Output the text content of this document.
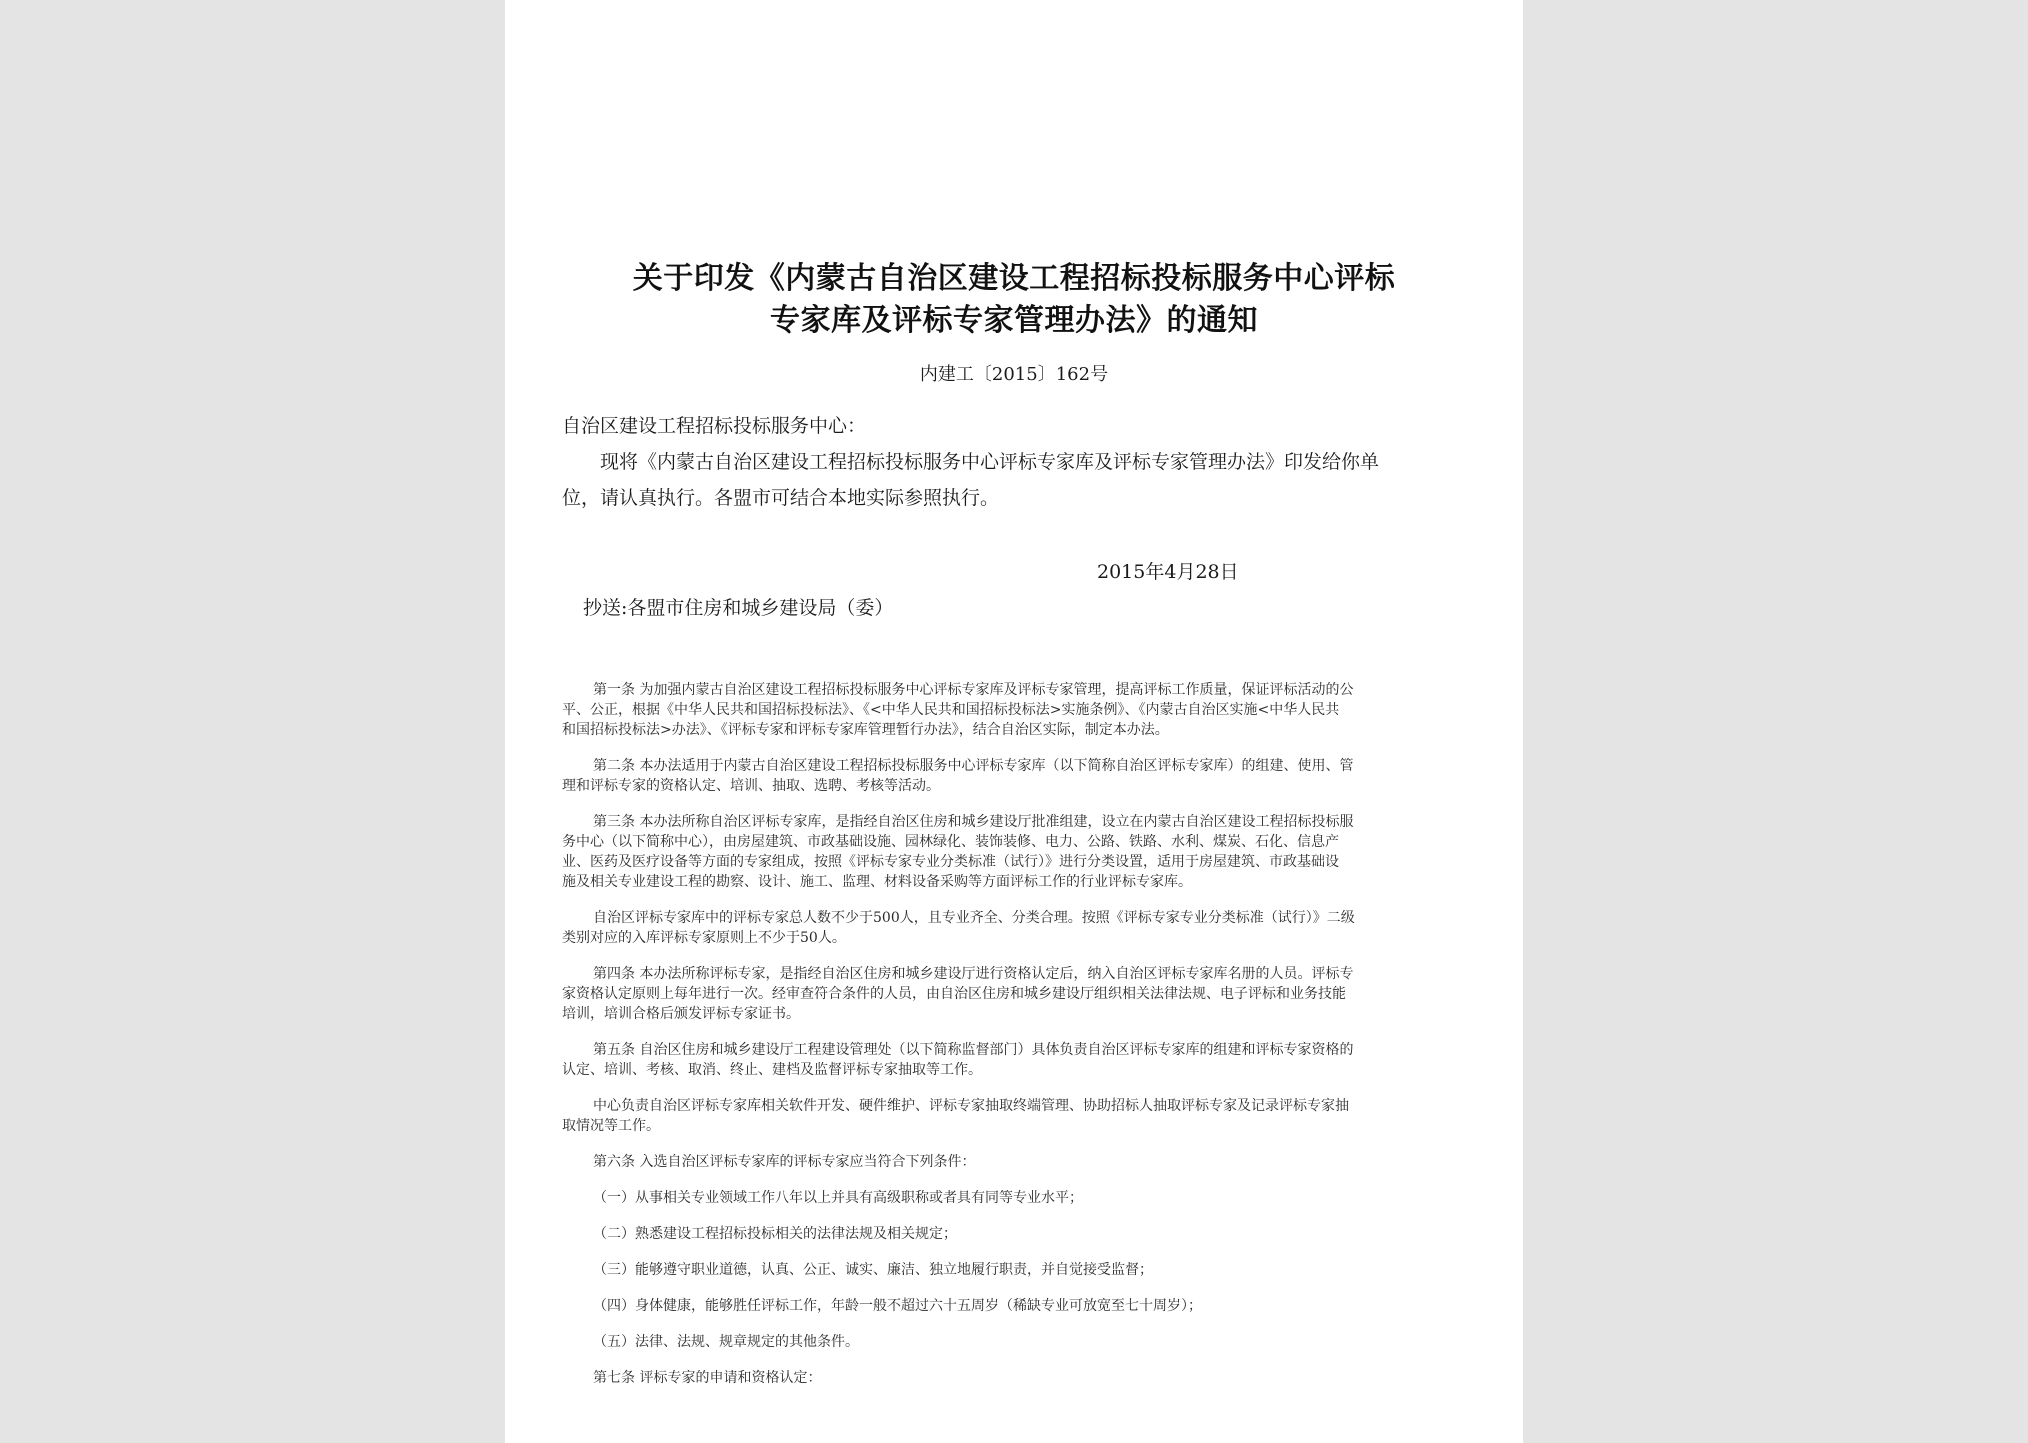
关于印发《内蒙古自治区建设工程招标投标服务中心评标
专家库及评标专家管理办法》的通知
内建工〔2015〕162号
自治区建设工程招标投标服务中心：
现将《内蒙古自治区建设工程招标投标服务中心评标专家库及评标专家管理办法》印发给你单
位，请认真执行。各盟市可结合本地实际参照执行。
2015年4月28日
抄送:各盟市住房和城乡建设局（委）
第一条 为加强内蒙古自治区建设工程招标投标服务中心评标专家库及评标专家管理，提高评标工作质量，保证评标活动的公
平、公正，根据《中华人民共和国招标投标法》、《<中华人民共和国招标投标法>实施条例》、《内蒙古自治区实施<中华人民共
和国招标投标法>办法》、《评标专家和评标专家库管理暂行办法》，结合自治区实际，制定本办法。
第二条 本办法适用于内蒙古自治区建设工程招标投标服务中心评标专家库（以下简称自治区评标专家库）的组建、使用、管
理和评标专家的资格认定、培训、抽取、选聘、考核等活动。
第三条 本办法所称自治区评标专家库，是指经自治区住房和城乡建设厅批准组建，设立在内蒙古自治区建设工程招标投标服
务中心（以下简称中心），由房屋建筑、市政基础设施、园林绿化、装饰装修、电力、公路、铁路、水利、煤炭、石化、信息产
业、医药及医疗设备等方面的专家组成，按照《评标专家专业分类标准（试行）》进行分类设置，适用于房屋建筑、市政基础设
施及相关专业建设工程的勘察、设计、施工、监理、材料设备采购等方面评标工作的行业评标专家库。
自治区评标专家库中的评标专家总人数不少于500人，且专业齐全、分类合理。按照《评标专家专业分类标准（试行）》二级
类别对应的入库评标专家原则上不少于50人。
第四条 本办法所称评标专家，是指经自治区住房和城乡建设厅进行资格认定后，纳入自治区评标专家库名册的人员。评标专
家资格认定原则上每年进行一次。经审查符合条件的人员，由自治区住房和城乡建设厅组织相关法律法规、电子评标和业务技能
培训，培训合格后颁发评标专家证书。
第五条 自治区住房和城乡建设厅工程建设管理处（以下简称监督部门）具体负责自治区评标专家库的组建和评标专家资格的
认定、培训、考核、取消、终止、建档及监督评标专家抽取等工作。
中心负责自治区评标专家库相关软件开发、硬件维护、评标专家抽取终端管理、协助招标人抽取评标专家及记录评标专家抽
取情况等工作。
第六条 入选自治区评标专家库的评标专家应当符合下列条件：
（一）从事相关专业领域工作八年以上并具有高级职称或者具有同等专业水平；
（二）熟悉建设工程招标投标相关的法律法规及相关规定；
（三）能够遵守职业道德，认真、公正、诚实、廉洁、独立地履行职责，并自觉接受监督；
（四）身体健康，能够胜任评标工作，年龄一般不超过六十五周岁（稀缺专业可放宽至七十周岁）；
（五）法律、法规、规章规定的其他条件。
第七条 评标专家的申请和资格认定：
